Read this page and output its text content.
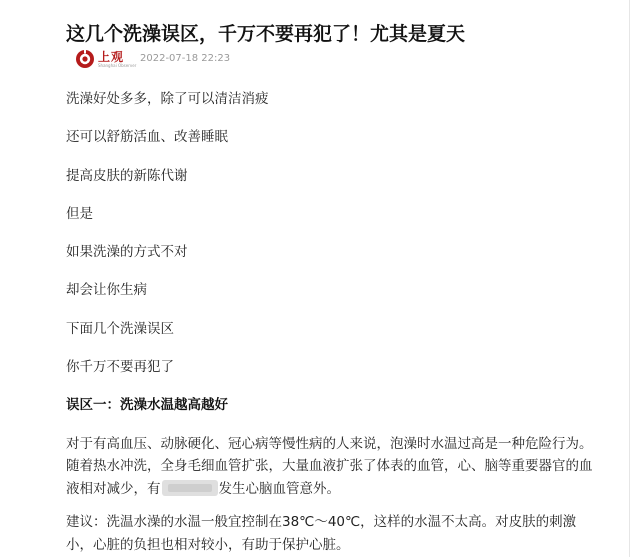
这几个洗澡误区，千万不要再犯了！尤其是夏天
上观
Shanghai Observer
2022-07-18 22:23

洗澡好处多多，除了可以清洁消疲

还可以舒筋活血、改善睡眠

提高皮肤的新陈代谢

但是

如果洗澡的方式不对

却会让你生病

下面几个洗澡误区

你千万不要再犯了

误区一：洗澡水温越高越好

对于有高血压、动脉硬化、冠心病等慢性病的人来说，泡澡时水温过高是一种危险行为。随着热水冲洗，全身毛细血管扩张，大量血液扩张了体表的血管，心、脑等重要器官的血液相对减少，有	发生心脑血管意外。

建议：洗温水澡的水温一般宜控制在38℃～40℃，这样的水温不太高。对皮肤的刺激小，心脏的负担也相对较小，有助于保护心脏。
